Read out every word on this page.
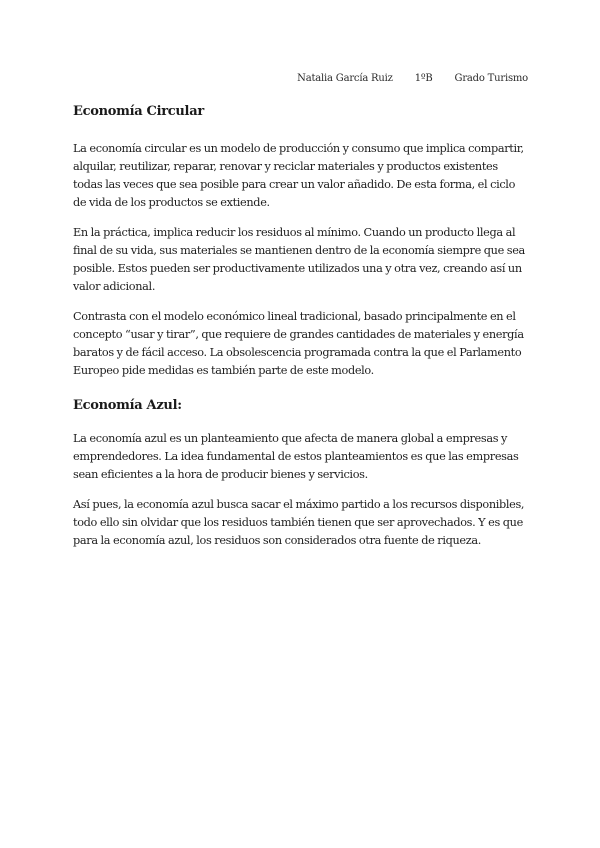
Natalia García Ruiz 1ºB Grado Turismo
Economía Circular

La economía circular es un modelo de producción y consumo que implica compartir, alquilar, reutilizar, reparar, renovar y reciclar materiales y productos existentes todas las veces que sea posible para crear un valor añadido. De esta forma, el ciclo de vida de los productos se extiende.

En la práctica, implica reducir los residuos al mínimo. Cuando un producto llega al final de su vida, sus materiales se mantienen dentro de la economía siempre que sea posible. Estos pueden ser productivamente utilizados una y otra vez, creando así un valor adicional.

Contrasta con el modelo económico lineal tradicional, basado principalmente en el concepto “usar y tirar”, que requiere de grandes cantidades de materiales y energía baratos y de fácil acceso. La obsolescencia programada contra la que el Parlamento Europeo pide medidas es también parte de este modelo.

Economía Azul:

La economía azul es un planteamiento que afecta de manera global a empresas y emprendedores. La idea fundamental de estos planteamientos es que las empresas sean eficientes a la hora de producir bienes y servicios.

Así pues, la economía azul busca sacar el máximo partido a los recursos disponibles, todo ello sin olvidar que los residuos también tienen que ser aprovechados. Y es que para la economía azul, los residuos son considerados otra fuente de riqueza.
